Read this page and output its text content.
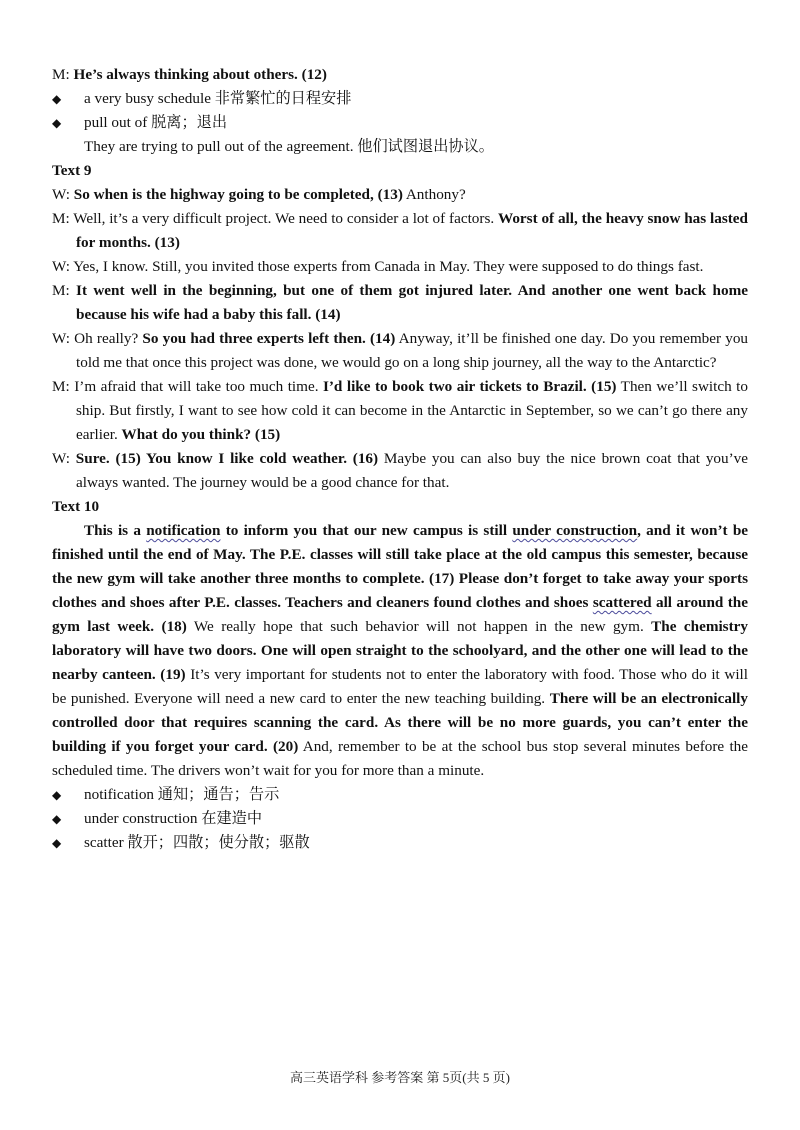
M: He’s always thinking about others. (12)

◆ a very busy schedule 非常繁忙的日程安排

◆ pull out of 脱离；退出

They are trying to pull out of the agreement. 他们试图退出协议。

Text 9

W: So when is the highway going to be completed, (13) Anthony?

M: Well, it’s a very difficult project. We need to consider a lot of factors. Worst of all, the heavy snow has lasted for months. (13)

W: Yes, I know. Still, you invited those experts from Canada in May. They were supposed to do things fast.

M: It went well in the beginning, but one of them got injured later. And another one went back home because his wife had a baby this fall. (14)

W: Oh really? So you had three experts left then. (14) Anyway, it’ll be finished one day. Do you remember you told me that once this project was done, we would go on a long ship journey, all the way to the Antarctic?

M: I’m afraid that will take too much time. I’d like to book two air tickets to Brazil. (15) Then we’ll switch to ship. But firstly, I want to see how cold it can become in the Antarctic in September, so we can’t go there any earlier. What do you think? (15)

W: Sure. (15) You know I like cold weather. (16) Maybe you can also buy the nice brown coat that you’ve always wanted. The journey would be a good chance for that.

Text 10

This is a notification to inform you that our new campus is still under construction, and it won’t be finished until the end of May. The P.E. classes will still take place at the old campus this semester, because the new gym will take another three months to complete. (17) Please don’t forget to take away your sports clothes and shoes after P.E. classes. Teachers and cleaners found clothes and shoes scattered all around the gym last week. (18) We really hope that such behavior will not happen in the new gym. The chemistry laboratory will have two doors. One will open straight to the schoolyard, and the other one will lead to the nearby canteen. (19) It’s very important for students not to enter the laboratory with food. Those who do it will be punished. Everyone will need a new card to enter the new teaching building. There will be an electronically controlled door that requires scanning the card. As there will be no more guards, you can’t enter the building if you forget your card. (20) And, remember to be at the school bus stop several minutes before the scheduled time. The drivers won’t wait for you for more than a minute.

◆ notification 通知；通告；告示

◆ under construction 在建造中

◆ scatter 散开；四散；使分散；驱散

高三英语学科 参考答案 第 5页(共 5 页)
